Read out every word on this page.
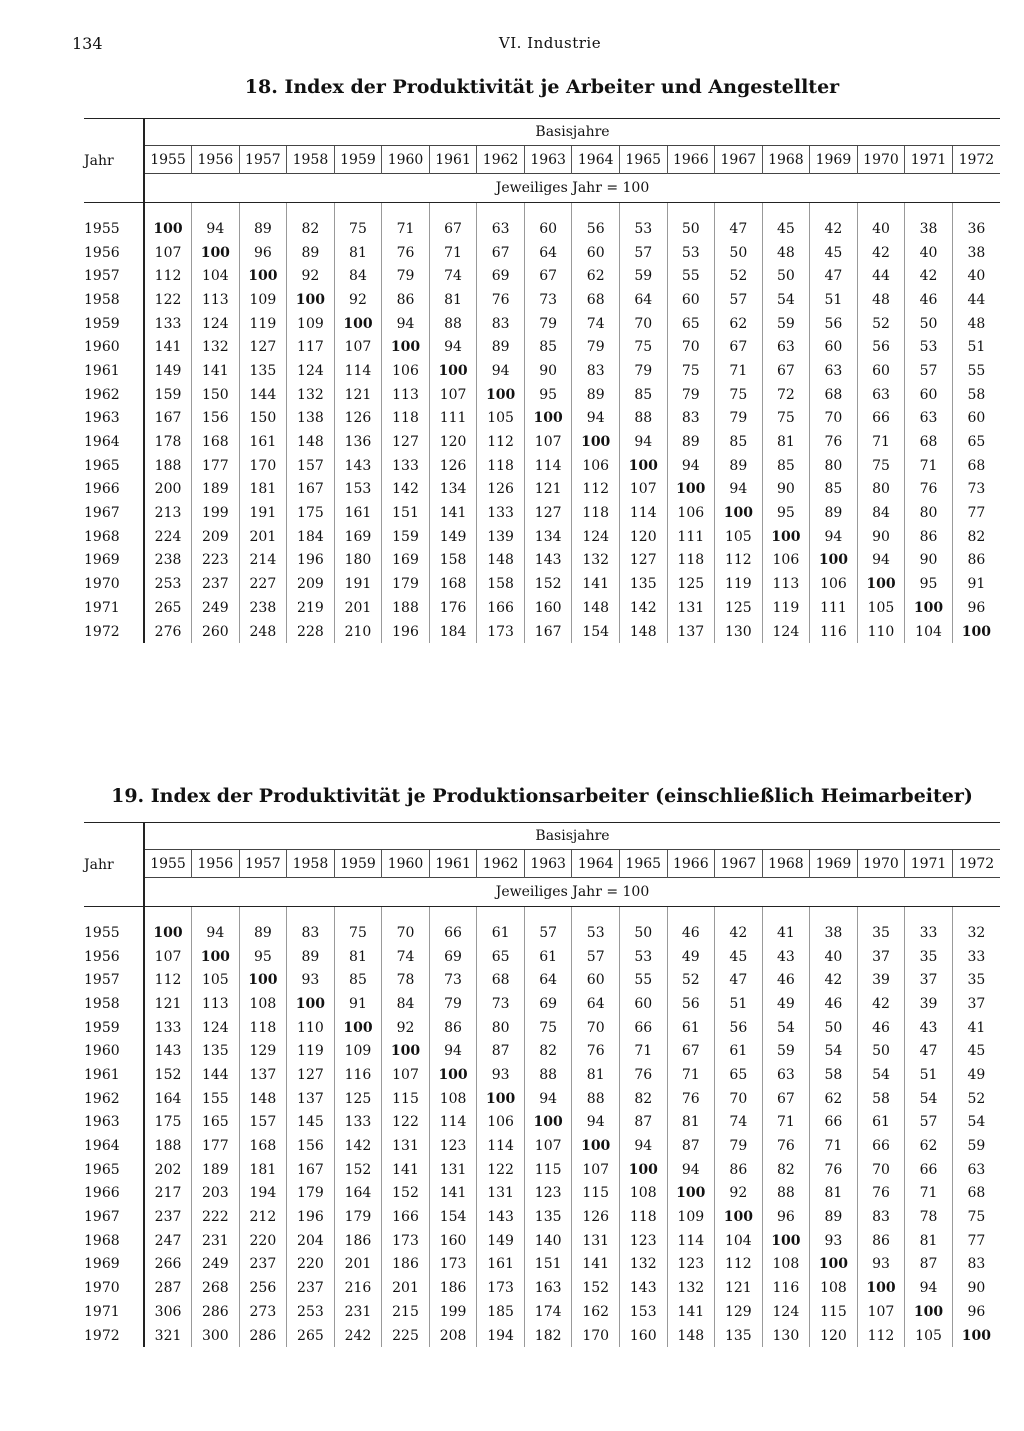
134	VI. Industrie
18. Index der Produktivität je Arbeiter und Angestellter
Jahr	Basisjahre																	
	1955	1956	1957	1958	1959	1960	1961	1962	1963	1964	1965	1966	1967	1968	1969	1970	1971	1972
	Jeweiliges Jahr = 100																	

1955	100	94	89	82	75	71	67	63	60	56	53	50	47	45	42	40	38	36
1956	107	100	96	89	81	76	71	67	64	60	57	53	50	48	45	42	40	38
1957	112	104	100	92	84	79	74	69	67	62	59	55	52	50	47	44	42	40
1958	122	113	109	100	92	86	81	76	73	68	64	60	57	54	51	48	46	44
1959	133	124	119	109	100	94	88	83	79	74	70	65	62	59	56	52	50	48
1960	141	132	127	117	107	100	94	89	85	79	75	70	67	63	60	56	53	51
1961	149	141	135	124	114	106	100	94	90	83	79	75	71	67	63	60	57	55
1962	159	150	144	132	121	113	107	100	95	89	85	79	75	72	68	63	60	58
1963	167	156	150	138	126	118	111	105	100	94	88	83	79	75	70	66	63	60
1964	178	168	161	148	136	127	120	112	107	100	94	89	85	81	76	71	68	65
1965	188	177	170	157	143	133	126	118	114	106	100	94	89	85	80	75	71	68
1966	200	189	181	167	153	142	134	126	121	112	107	100	94	90	85	80	76	73
1967	213	199	191	175	161	151	141	133	127	118	114	106	100	95	89	84	80	77
1968	224	209	201	184	169	159	149	139	134	124	120	111	105	100	94	90	86	82
1969	238	223	214	196	180	169	158	148	143	132	127	118	112	106	100	94	90	86
1970	253	237	227	209	191	179	168	158	152	141	135	125	119	113	106	100	95	91
1971	265	249	238	219	201	188	176	166	160	148	142	131	125	119	111	105	100	96
1972	276	260	248	228	210	196	184	173	167	154	148	137	130	124	116	110	104	100
19. Index der Produktivität je Produktionsarbeiter (einschließlich Heimarbeiter)
Jahr	Basisjahre																	
	1955	1956	1957	1958	1959	1960	1961	1962	1963	1964	1965	1966	1967	1968	1969	1970	1971	1972
	Jeweiliges Jahr = 100																	

1955	100	94	89	83	75	70	66	61	57	53	50	46	42	41	38	35	33	32
1956	107	100	95	89	81	74	69	65	61	57	53	49	45	43	40	37	35	33
1957	112	105	100	93	85	78	73	68	64	60	55	52	47	46	42	39	37	35
1958	121	113	108	100	91	84	79	73	69	64	60	56	51	49	46	42	39	37
1959	133	124	118	110	100	92	86	80	75	70	66	61	56	54	50	46	43	41
1960	143	135	129	119	109	100	94	87	82	76	71	67	61	59	54	50	47	45
1961	152	144	137	127	116	107	100	93	88	81	76	71	65	63	58	54	51	49
1962	164	155	148	137	125	115	108	100	94	88	82	76	70	67	62	58	54	52
1963	175	165	157	145	133	122	114	106	100	94	87	81	74	71	66	61	57	54
1964	188	177	168	156	142	131	123	114	107	100	94	87	79	76	71	66	62	59
1965	202	189	181	167	152	141	131	122	115	107	100	94	86	82	76	70	66	63
1966	217	203	194	179	164	152	141	131	123	115	108	100	92	88	81	76	71	68
1967	237	222	212	196	179	166	154	143	135	126	118	109	100	96	89	83	78	75
1968	247	231	220	204	186	173	160	149	140	131	123	114	104	100	93	86	81	77
1969	266	249	237	220	201	186	173	161	151	141	132	123	112	108	100	93	87	83
1970	287	268	256	237	216	201	186	173	163	152	143	132	121	116	108	100	94	90
1971	306	286	273	253	231	215	199	185	174	162	153	141	129	124	115	107	100	96
1972	321	300	286	265	242	225	208	194	182	170	160	148	135	130	120	112	105	100
